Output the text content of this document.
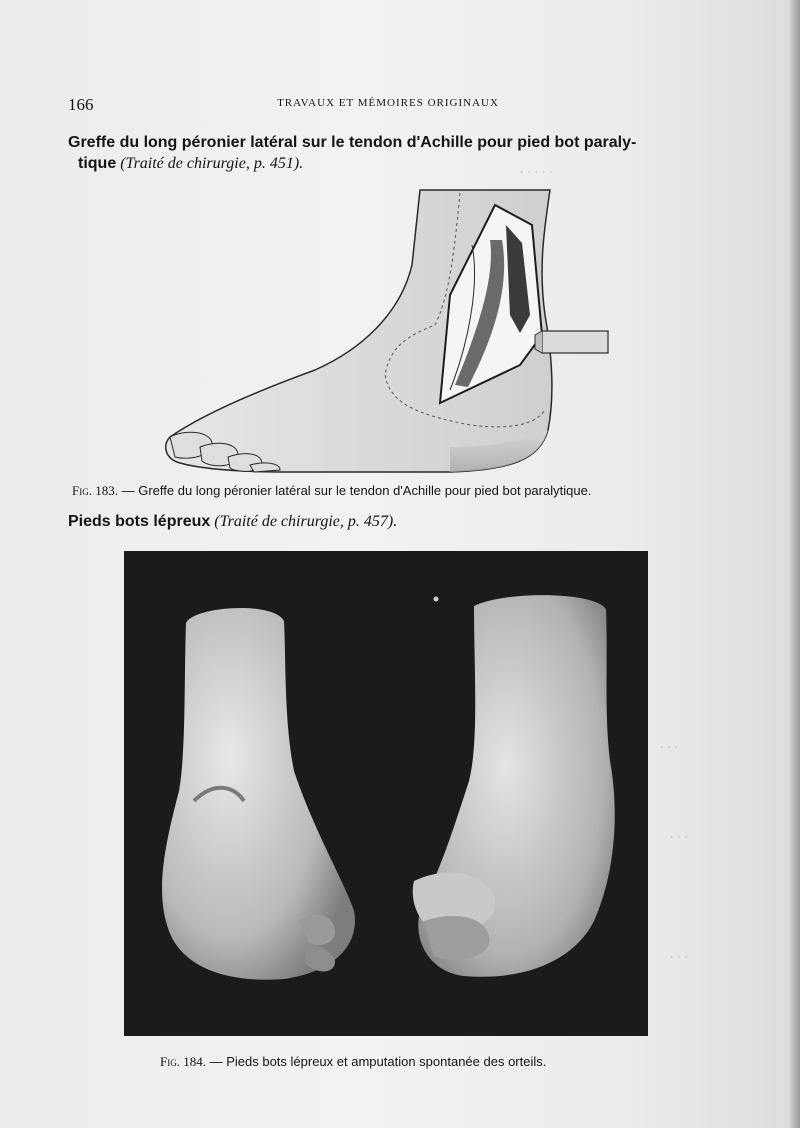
· · · · ·
· · ·
· · ·
· · ·
166	TRAVAUX ET MÉMOIRES ORIGINAUX
Greffe du long péronier latéral sur le tendon d'Achille pour pied bot paraly-
tique (Traité de chirurgie, p. 451).
Fig. 183. — Greffe du long péronier latéral sur le tendon d'Achille pour pied bot paralytique.
Pieds bots lépreux (Traité de chirurgie, p. 457).
Fig. 184. — Pieds bots lépreux et amputation spontanée des orteils.
